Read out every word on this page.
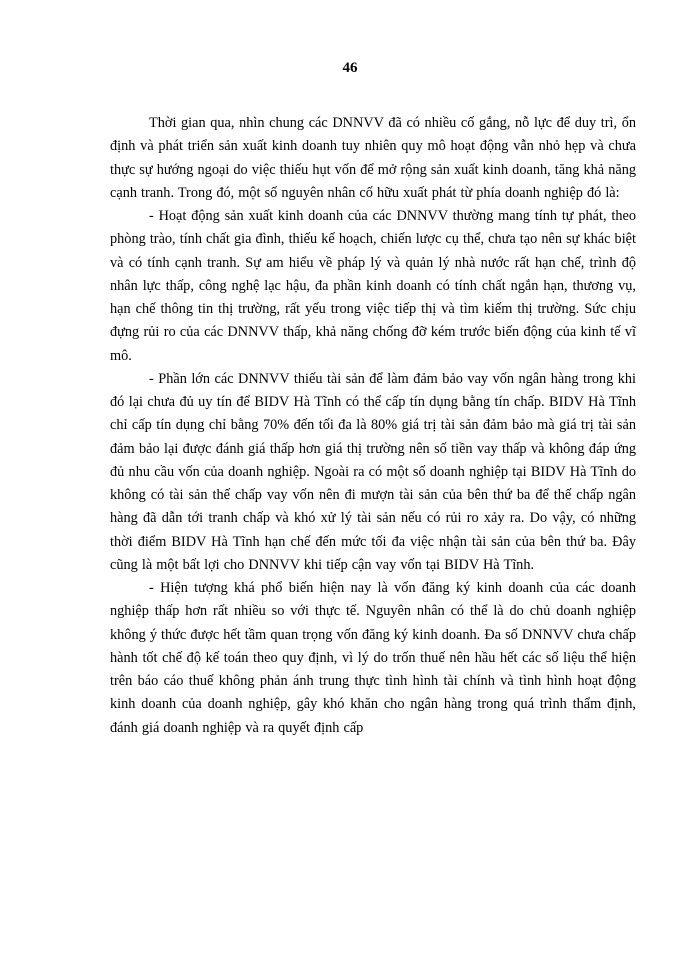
46

Thời gian qua, nhìn chung các DNNVV đã có nhiều cố gắng, nỗ lực để duy trì, ổn định và phát triển sản xuất kinh doanh tuy nhiên quy mô hoạt động vẫn nhỏ hẹp và chưa thực sự hướng ngoại do việc thiếu hụt vốn để mở rộng sản xuất kinh doanh, tăng khả năng cạnh tranh. Trong đó, một số nguyên nhân cố hữu xuất phát từ phía doanh nghiệp đó là:

- Hoạt động sản xuất kinh doanh của các DNNVV thường mang tính tự phát, theo phòng trào, tính chất gia đình, thiếu kế hoạch, chiến lược cụ thể, chưa tạo nên sự khác biệt và có tính cạnh tranh. Sự am hiểu về pháp lý và quản lý nhà nước rất hạn chế, trình độ nhân lực thấp, công nghệ lạc hậu, đa phần kinh doanh có tính chất ngắn hạn, thương vụ, hạn chế thông tin thị trường, rất yếu trong việc tiếp thị và tìm kiếm thị trường. Sức chịu đựng rủi ro của các DNNVV thấp, khả năng chống đỡ kém trước biến động của kinh tế vĩ mô.

- Phần lớn các DNNVV thiếu tài sản để làm đảm bảo vay vốn ngân hàng trong khi đó lại chưa đủ uy tín để BIDV Hà Tĩnh có thể cấp tín dụng bằng tín chấp. BIDV Hà Tĩnh chỉ cấp tín dụng chỉ bằng 70% đến tối đa là 80% giá trị tài sản đảm bảo mà giá trị tài sản đảm bảo lại được đánh giá thấp hơn giá thị trường nên số tiền vay thấp và không đáp ứng đủ nhu cầu vốn của doanh nghiệp. Ngoài ra có một số doanh nghiệp tại BIDV Hà Tĩnh do không có tài sản thế chấp vay vốn nên đi mượn tài sản của bên thứ ba để thế chấp ngân hàng đã dẫn tới tranh chấp và khó xử lý tài sản nếu có rủi ro xảy ra. Do vậy, có những thời điểm BIDV Hà Tĩnh hạn chế đến mức tối đa việc nhận tài sản của bên thứ ba. Đây cũng là một bất lợi cho DNNVV khi tiếp cận vay vốn tại BIDV Hà Tĩnh.

- Hiện tượng khá phổ biến hiện nay là vốn đăng ký kinh doanh của các doanh nghiệp thấp hơn rất nhiều so với thực tế. Nguyên nhân có thể là do chủ doanh nghiệp không ý thức được hết tầm quan trọng vốn đăng ký kinh doanh. Đa số DNNVV chưa chấp hành tốt chế độ kế toán theo quy định, vì lý do trốn thuế nên hầu hết các số liệu thể hiện trên báo cáo thuế không phản ánh trung thực tình hình tài chính và tình hình hoạt động kinh doanh của doanh nghiệp, gây khó khăn cho ngân hàng trong quá trình thẩm định, đánh giá doanh nghiệp và ra quyết định cấp
